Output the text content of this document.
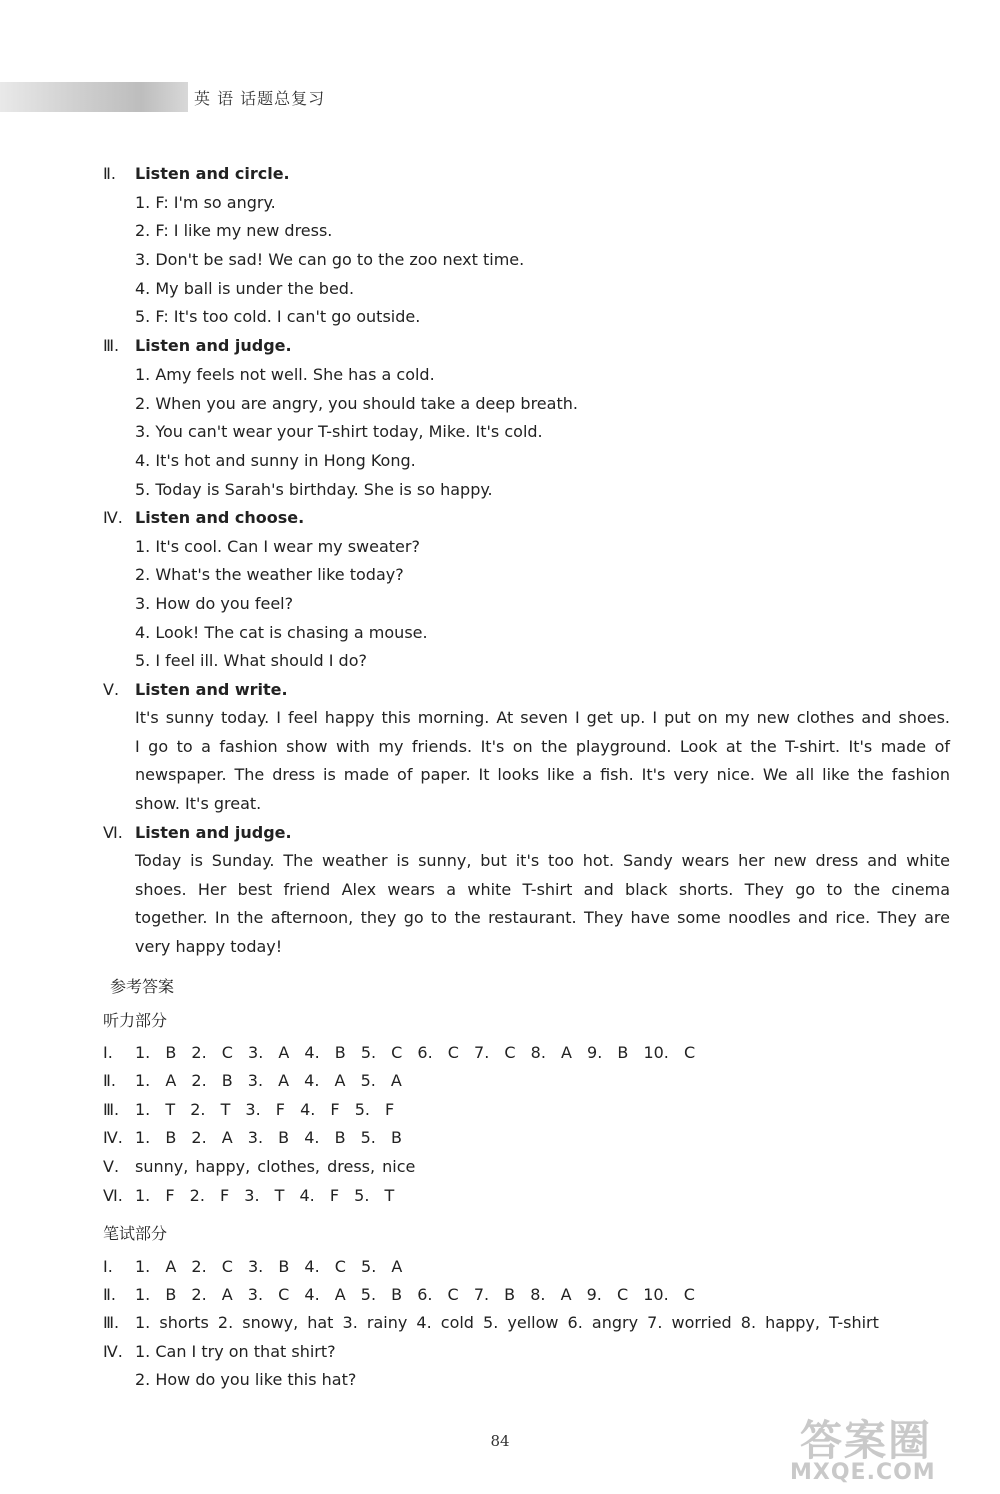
英 语 话题总复习
Ⅱ.	Listen and circle.
1. F: I'm so angry.
2. F: I like my new dress.
3. Don't be sad! We can go to the zoo next time.
4. My ball is under the bed.
5. F: It's too cold. I can't go outside.
Ⅲ. Listen and judge.
1. Amy feels not well. She has a cold.
2. When you are angry, you should take a deep breath.
3. You can't wear your T-shirt today, Mike. It's cold.
4. It's hot and sunny in Hong Kong.
5. Today is Sarah's birthday. She is so happy.
Ⅳ. Listen and choose.
1. It's cool. Can I wear my sweater?
2. What's the weather like today?
3. How do you feel?
4. Look! The cat is chasing a mouse.
5. I feel ill. What should I do?
Ⅴ. Listen and write.
It's sunny today. I feel happy this morning. At seven I get up. I put on my new clothes and shoes.
I go to a fashion show with my friends. It's on the playground. Look at the T-shirt. It's made of
newspaper. The dress is made of paper. It looks like a fish. It's very nice. We all like the fashion
show. It's great.
Ⅵ. Listen and judge.
Today is Sunday. The weather is sunny, but it's too hot. Sandy wears her new dress and white
shoes. Her best friend Alex wears a white T-shirt and black shorts. They go to the cinema
together. In the afternoon, they go to the restaurant. They have some noodles and rice. They are
very happy today!
参考答案
听力部分
Ⅰ.	1. B 2. C 3. A 4. B 5. C 6. C 7. C 8. A 9. B 10. C
Ⅱ.	1. A 2. B 3. A 4. A 5. A
Ⅲ. 1. T 2. T 3. F 4. F 5. F
Ⅳ. 1. B 2. A 3. B 4. B 5. B
Ⅴ. sunny, happy, clothes, dress, nice
Ⅵ. 1. F 2. F 3. T 4. F 5. T
笔试部分
Ⅰ.	1. A 2. C 3. B 4. C 5. A
Ⅱ.	1. B 2. A 3. C 4. A 5. B 6. C 7. B 8. A 9. C 10. C
Ⅲ. 1. shorts 2. snowy, hat 3. rainy 4. cold 5. yellow 6. angry 7. worried 8. happy, T-shirt
Ⅳ. 1. Can I try on that shirt?
2. How do you like this hat?
84	答案圈
MXQE.COM
